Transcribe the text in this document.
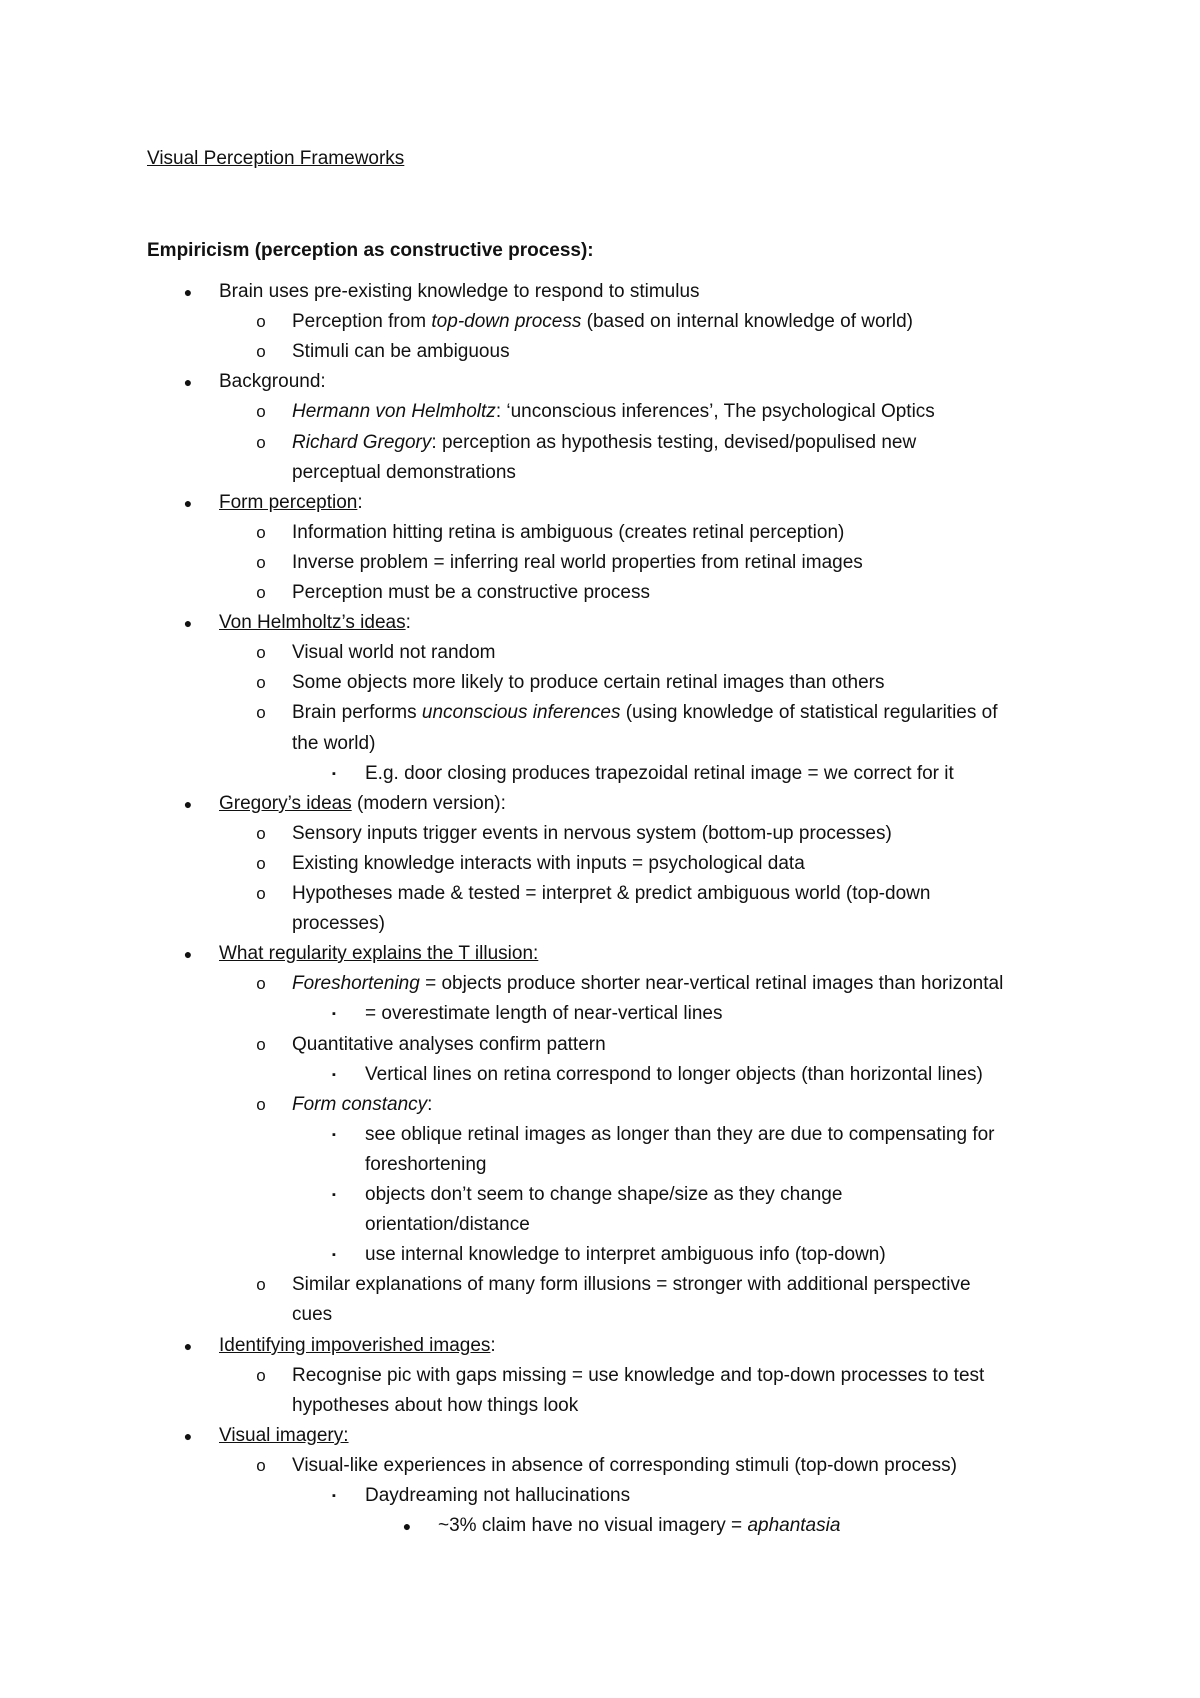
Visual Perception Frameworks
Empiricism (perception as constructive process):
●	Brain uses pre-existing knowledge to respond to stimulus
o Perception from top-down process (based on internal knowledge of world)
o Stimuli can be ambiguous
●	Background:
o Hermann von Helmholtz: ‘unconscious inferences’, The psychological Optics
o Richard Gregory: perception as hypothesis testing, devised/populised new
perceptual demonstrations
●	Form perception:
o Information hitting retina is ambiguous (creates retinal perception)
o Inverse problem = inferring real world properties from retinal images
o Perception must be a constructive process
●	Von Helmholtz’s ideas:
o Visual world not random
o Some objects more likely to produce certain retinal images than others
o Brain performs unconscious inferences (using knowledge of statistical regularities of
the world)
▪	E.g. door closing produces trapezoidal retinal image = we correct for it
●	Gregory’s ideas (modern version):
o Sensory inputs trigger events in nervous system (bottom-up processes)
o Existing knowledge interacts with inputs = psychological data
o Hypotheses made & tested = interpret & predict ambiguous world (top-down
processes)
●	What regularity explains the T illusion:
o Foreshortening = objects produce shorter near-vertical retinal images than horizontal
▪	= overestimate length of near-vertical lines
o Quantitative analyses confirm pattern
▪	Vertical lines on retina correspond to longer objects (than horizontal lines)
o Form constancy:
▪	see oblique retinal images as longer than they are due to compensating for
foreshortening
▪	objects don’t seem to change shape/size as they change
orientation/distance
▪	use internal knowledge to interpret ambiguous info (top-down)
o Similar explanations of many form illusions = stronger with additional perspective
cues
●	Identifying impoverished images:
o Recognise pic with gaps missing = use knowledge and top-down processes to test
hypotheses about how things look
●	Visual imagery:
o Visual-like experiences in absence of corresponding stimuli (top-down process)
▪	Daydreaming not hallucinations
●	~3% claim have no visual imagery = aphantasia
